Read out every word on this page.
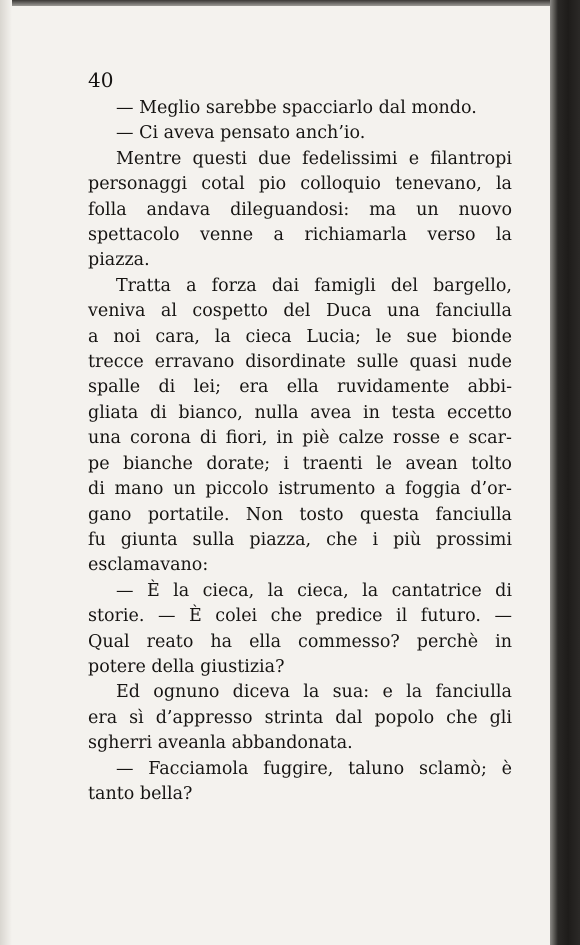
40
— Meglio sarebbe spacciarlo dal mondo.
— Ci aveva pensato anch’io.
Mentre questi due fedelissimi e filantropi
personaggi cotal pio colloquio tenevano, la
folla andava dileguandosi: ma un nuovo
spettacolo venne a richiamarla verso la
piazza.
Tratta a forza dai famigli del bargello,
veniva al cospetto del Duca una fanciulla
a noi cara, la cieca Lucia; le sue bionde
trecce erravano disordinate sulle quasi nude
spalle di lei; era ella ruvidamente abbi-
gliata di bianco, nulla avea in testa eccetto
una corona di fiori, in piè calze rosse e scar-
pe bianche dorate; i traenti le avean tolto
di mano un piccolo istrumento a foggia d’or-
gano portatile. Non tosto questa fanciulla
fu giunta sulla piazza, che i più prossimi
esclamavano:
— È la cieca, la cieca, la cantatrice di
storie. — È colei che predice il futuro. —
Qual reato ha ella commesso? perchè in
potere della giustizia?
Ed ognuno diceva la sua: e la fanciulla
era sì d’appresso strinta dal popolo che gli
sgherri aveanla abbandonata.
— Facciamola fuggire, taluno sclamò; è
tanto bella?
